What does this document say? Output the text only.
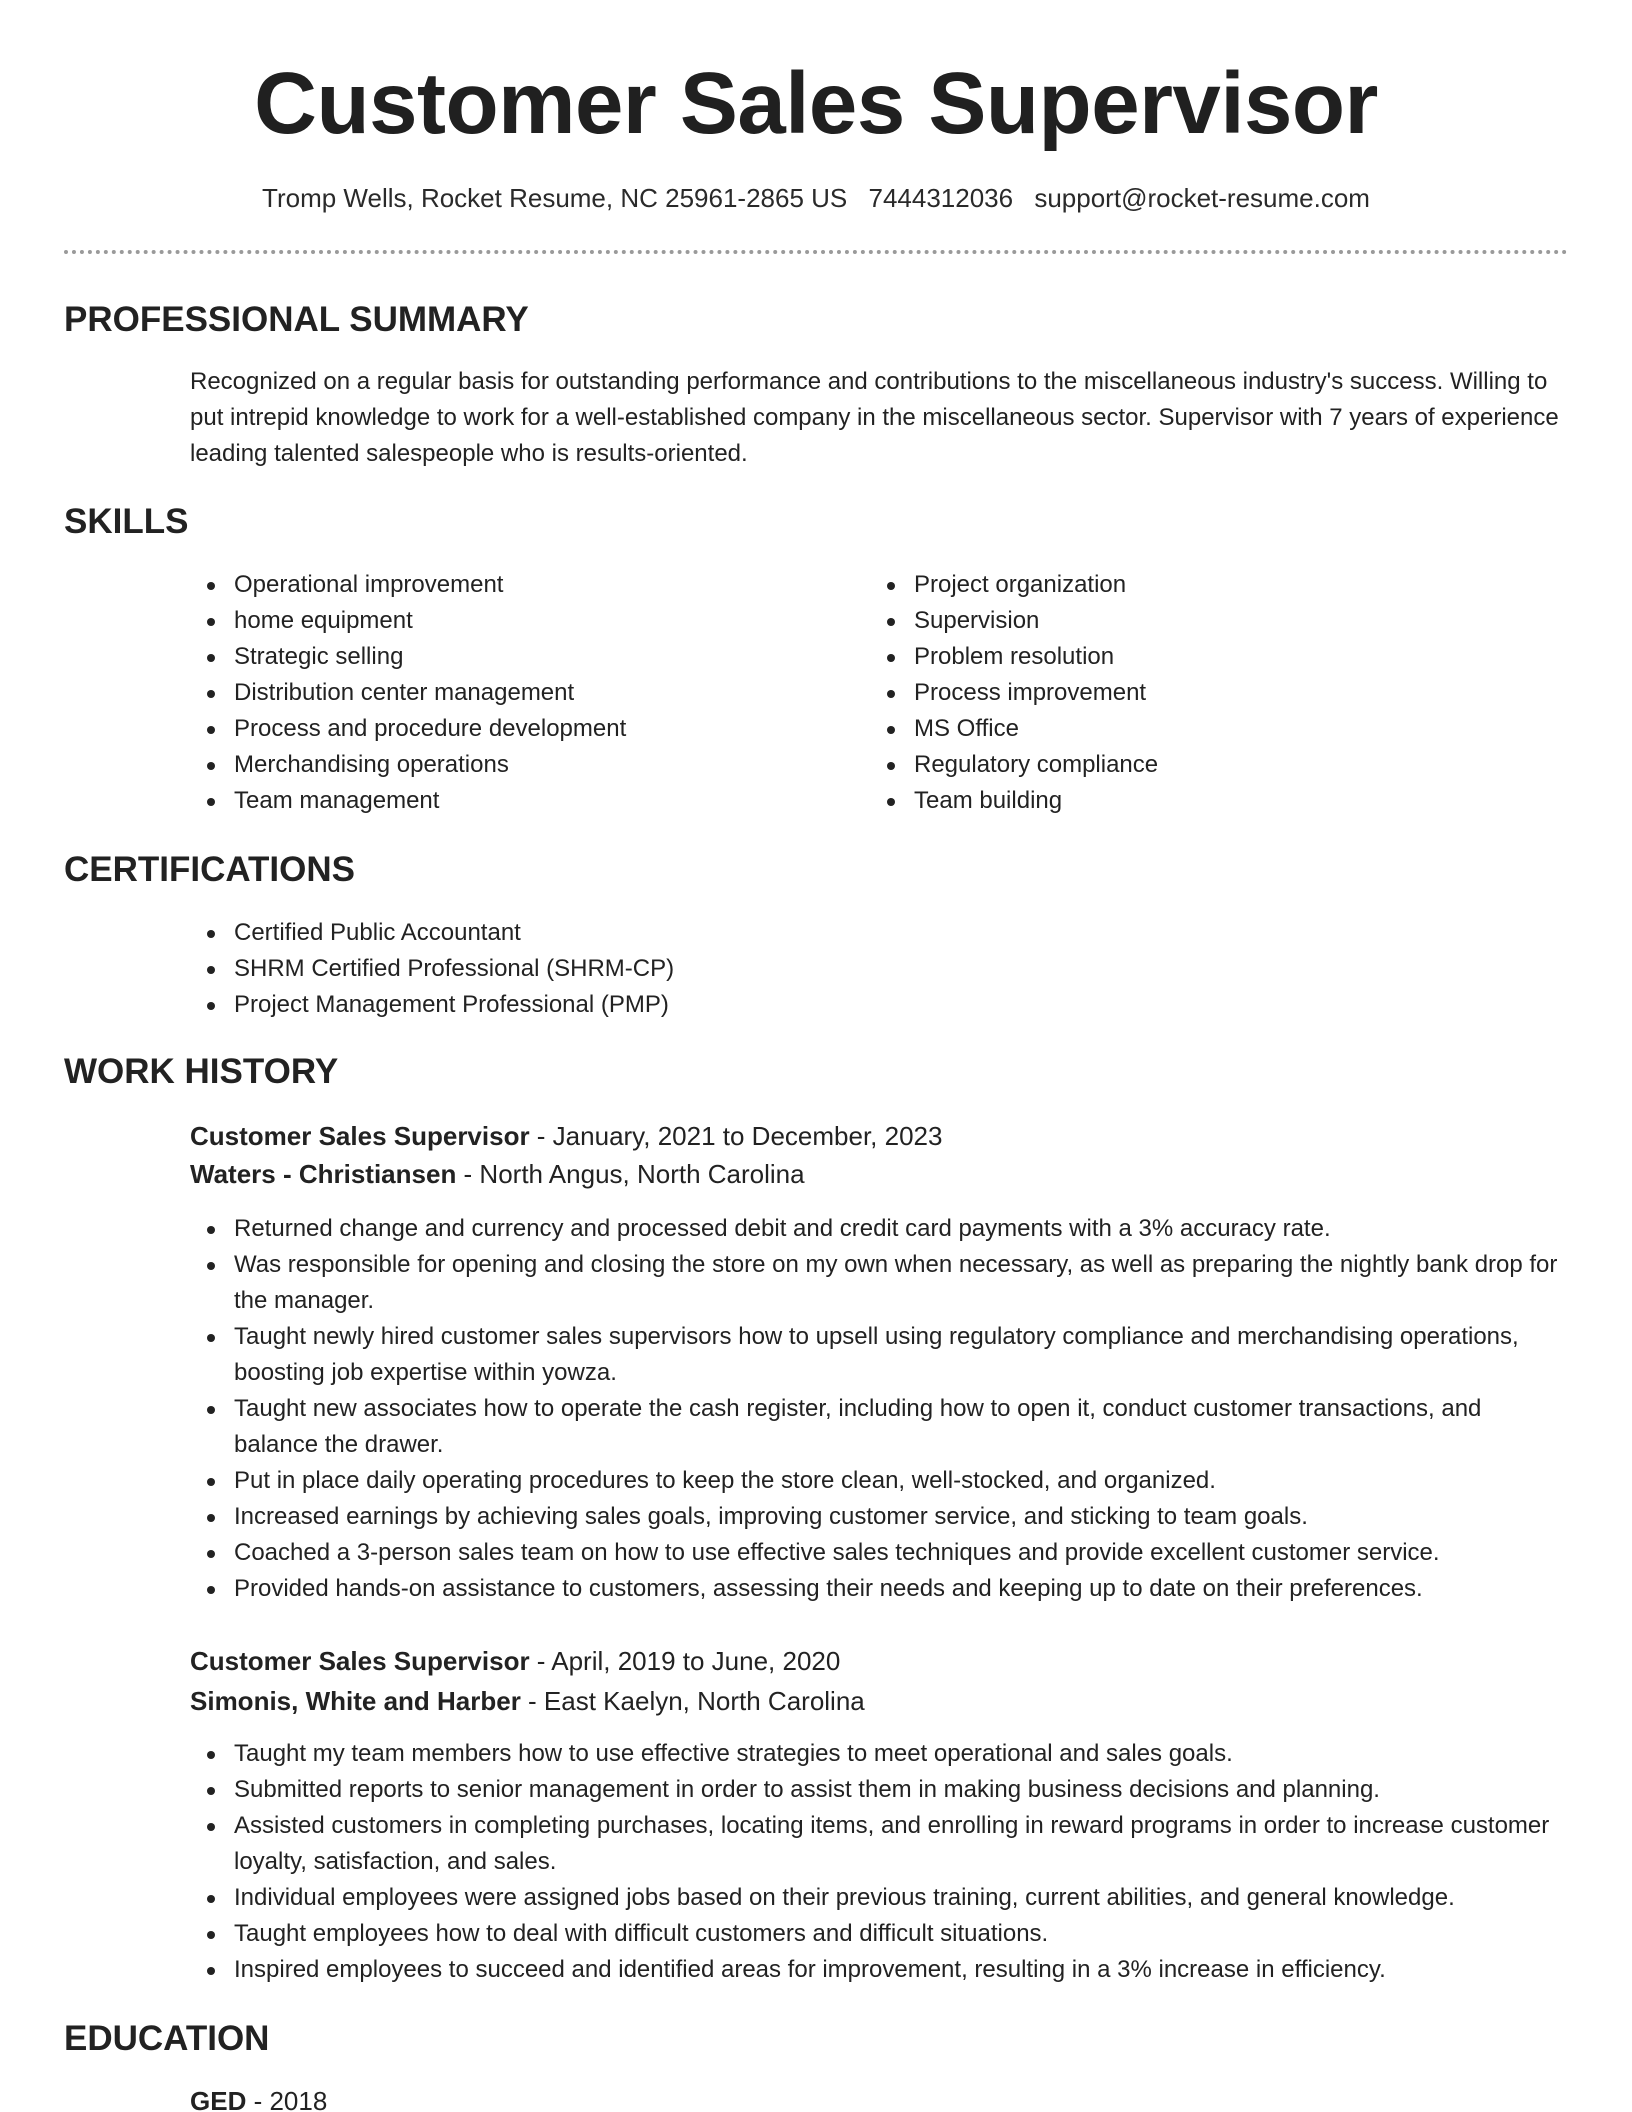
Customer Sales Supervisor
Tromp Wells, Rocket Resume, NC 25961-2865 US 7444312036 support@rocket-resume.com
PROFESSIONAL SUMMARY
Recognized on a regular basis for outstanding performance and contributions to the miscellaneous industry's success. Willing to put intrepid knowledge to work for a well-established company in the miscellaneous sector. Supervisor with 7 years of experience leading talented salespeople who is results-oriented.
SKILLS
Operational improvement
home equipment
Strategic selling
Distribution center management
Process and procedure development
Merchandising operations
Team management
Project organization
Supervision
Problem resolution
Process improvement
MS Office
Regulatory compliance
Team building
CERTIFICATIONS
Certified Public Accountant
SHRM Certified Professional (SHRM-CP)
Project Management Professional (PMP)
WORK HISTORY
Customer Sales Supervisor - January, 2021 to December, 2023
Waters - Christiansen - North Angus, North Carolina
Returned change and currency and processed debit and credit card payments with a 3% accuracy rate.
Was responsible for opening and closing the store on my own when necessary, as well as preparing the nightly bank drop for the manager.
Taught newly hired customer sales supervisors how to upsell using regulatory compliance and merchandising operations, boosting job expertise within yowza.
Taught new associates how to operate the cash register, including how to open it, conduct customer transactions, and balance the drawer.
Put in place daily operating procedures to keep the store clean, well-stocked, and organized.
Increased earnings by achieving sales goals, improving customer service, and sticking to team goals.
Coached a 3-person sales team on how to use effective sales techniques and provide excellent customer service.
Provided hands-on assistance to customers, assessing their needs and keeping up to date on their preferences.
Customer Sales Supervisor - April, 2019 to June, 2020
Simonis, White and Harber - East Kaelyn, North Carolina
Taught my team members how to use effective strategies to meet operational and sales goals.
Submitted reports to senior management in order to assist them in making business decisions and planning.
Assisted customers in completing purchases, locating items, and enrolling in reward programs in order to increase customer loyalty, satisfaction, and sales.
Individual employees were assigned jobs based on their previous training, current abilities, and general knowledge.
Taught employees how to deal with difficult customers and difficult situations.
Inspired employees to succeed and identified areas for improvement, resulting in a 3% increase in efficiency.
EDUCATION
GED - 2018
